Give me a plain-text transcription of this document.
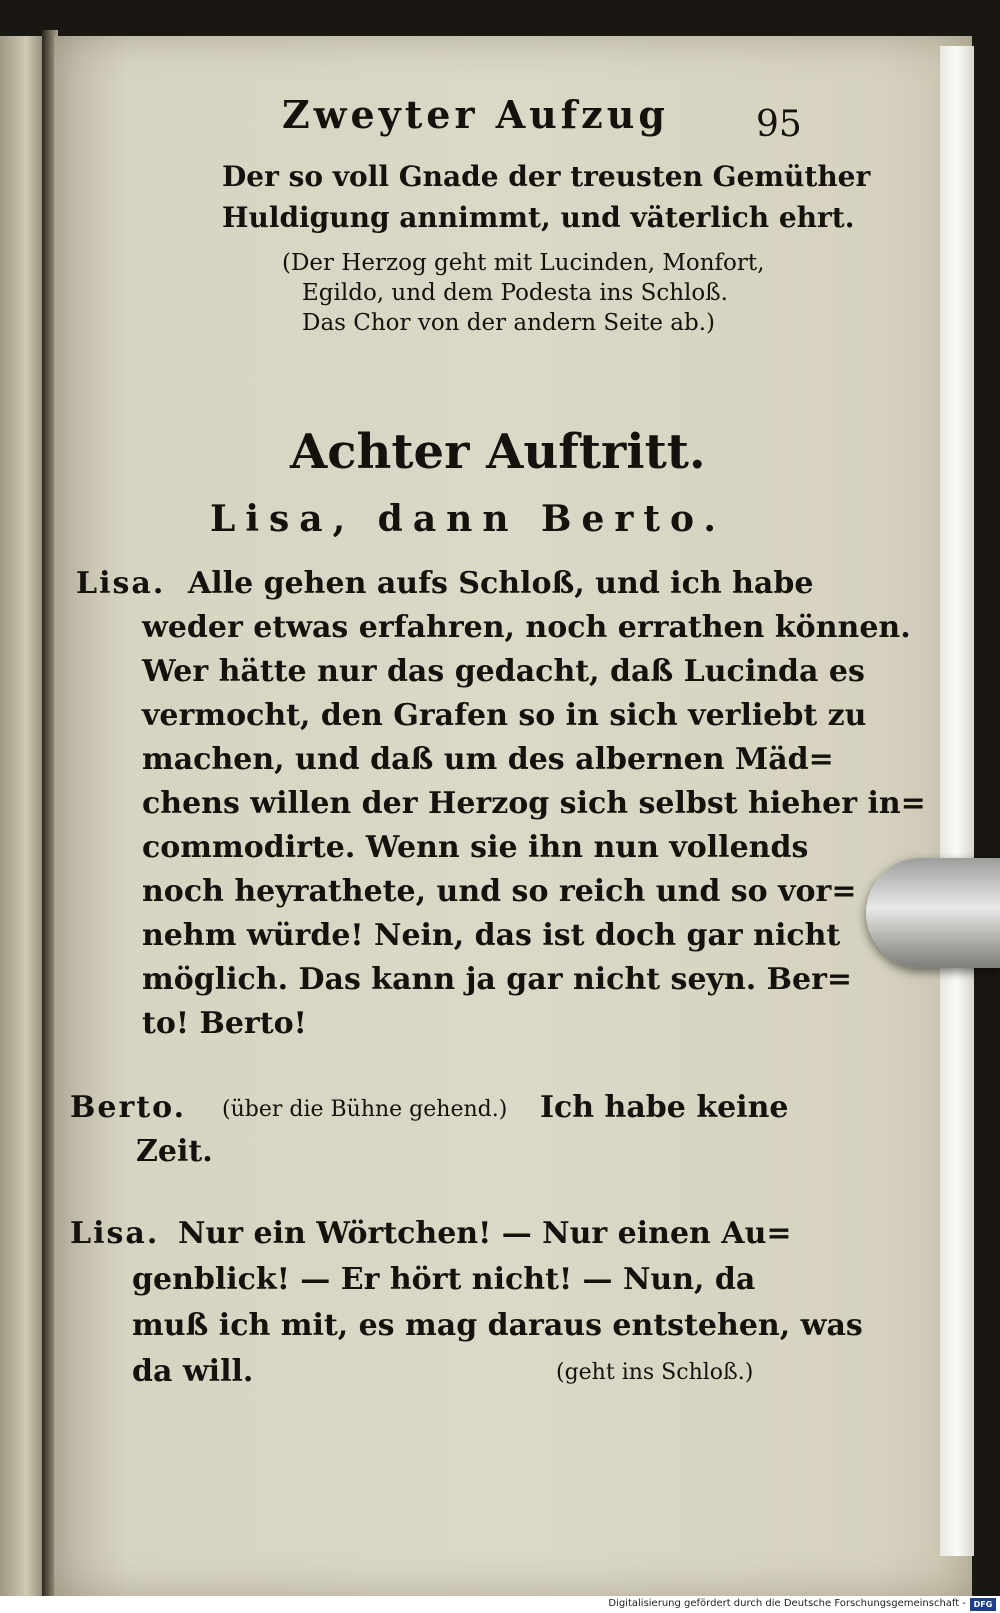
Zweyter Aufzug 95
Der so voll Gnade der treusten Gemüther
Huldigung annimmt, und väterlich ehrt.
(Der Herzog geht mit Lucinden, Monfort,
Egildo, und dem Podesta ins Schloß.
Das Chor von der andern Seite ab.)
Achter Auftritt.
Lisa, dann Berto.
Lisa. Alle gehen aufs Schloß, und ich habe
weder etwas erfahren, noch errathen können.
Wer hätte nur das gedacht, daß Lucinda es
vermocht, den Grafen so in sich verliebt zu
machen, und daß um des albernen Mäd=
chens willen der Herzog sich selbst hieher in=
commodirte. Wenn sie ihn nun vollends
noch heyrathete, und so reich und so vor=
nehm würde! Nein, das ist doch gar nicht
möglich. Das kann ja gar nicht seyn. Ber=
to! Berto!
Berto. (über die Bühne gehend.) Ich habe keine
Zeit.
Lisa. Nur ein Wörtchen! — Nur einen Au=
genblick! — Er hört nicht! — Nun, da
muß ich mit, es mag daraus entstehen, was
da will.	(geht ins Schloß.)
Digitalisierung gefördert durch die Deutsche Forschungsgemeinschaft - DFG
